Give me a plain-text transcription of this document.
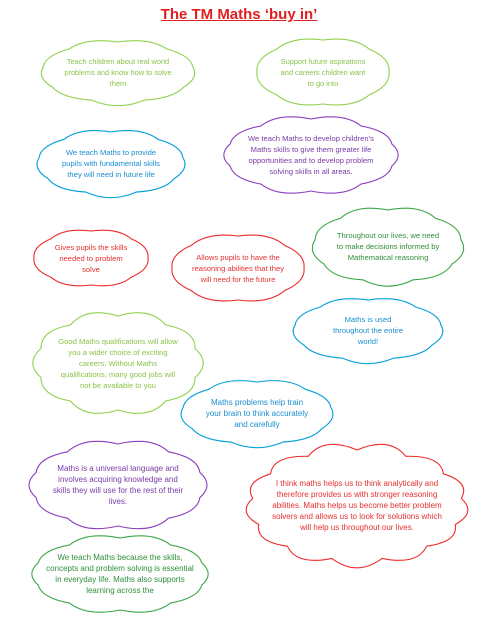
The TM Maths ‘buy in’
Teach children about real world problems and know how to solve them
Support future aspirations and careers children want to go into
We teach Maths to provide pupils with fundamental skills they will need in future life
We teach Maths to develop children’s Maths skills to give them greater life opportunities and to develop problem solving skills in all areas.
Throughout our lives, we need to make decisions informed by Mathematical reasoning
Gives pupils the skills needed to problem solve
Allows pupils to have the reasoning abilities that they will need for the future
Good Maths qualifications will allow you a wider choice of exciting careers. Without Maths qualifications, many good jobs will not be available to you
Maths is used throughout the entire world!
Maths problems help train your brain to think accurately and carefully
Maths is a universal language and involves acquiring knowledge and skills they will use for the rest of their lives.
I think maths helps us to think analytically and therefore provides us with stronger reasoning abilities. Maths helps us become better problem solvers and allows us to look for solutions which will help us throughout our lives.
We teach Maths because the skills, concepts and problem solving is essential in everyday life. Maths also supports learning across the
